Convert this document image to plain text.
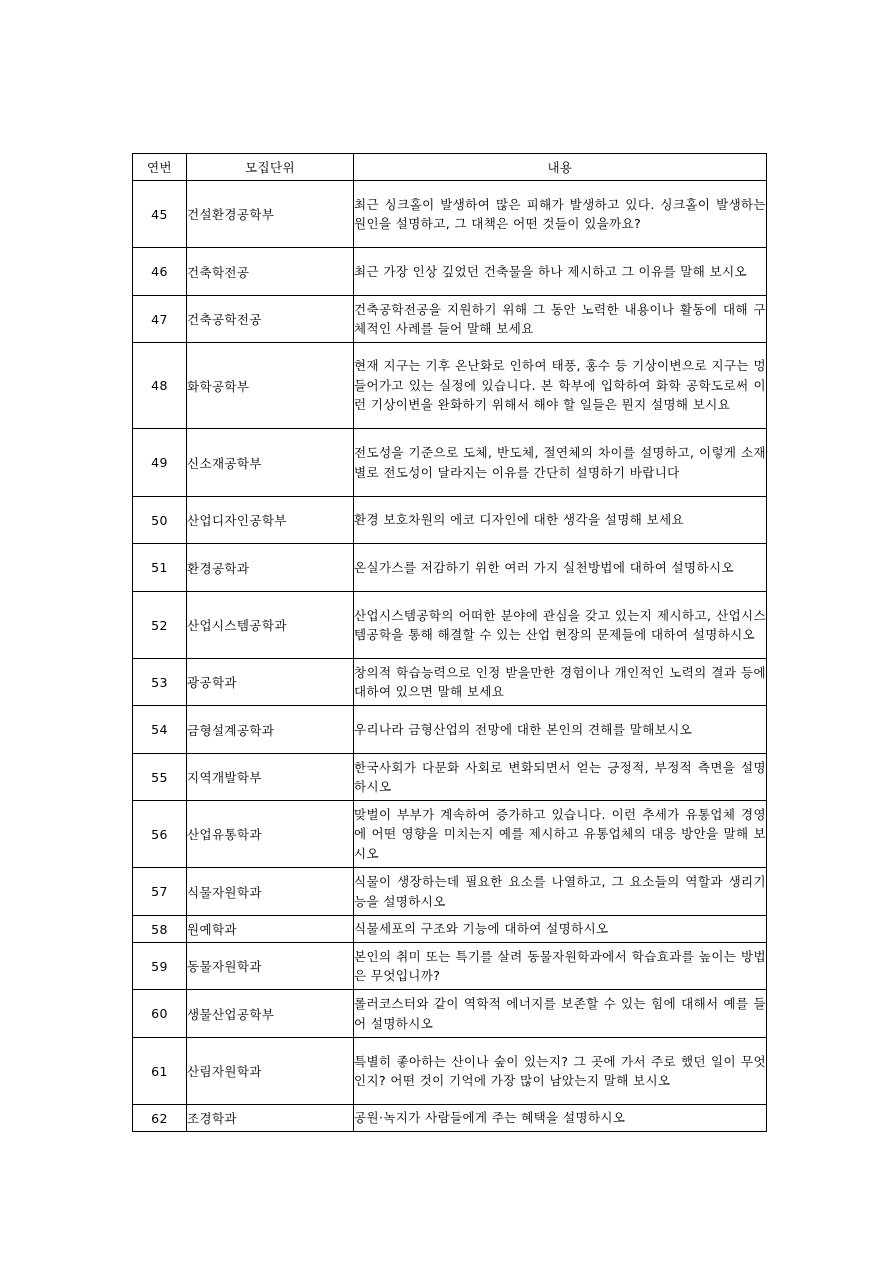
연번	모집단위	내용
45	건설환경공학부	최근 싱크홀이 발생하여 많은 피해가 발생하고 있다. 싱크홀이 발생하는 원인을 설명하고, 그 대책은 어떤 것들이 있을까요?
46	건축학전공	최근 가장 인상 깊었던 건축물을 하나 제시하고 그 이유를 말해 보시오
47	건축공학전공	건축공학전공을 지원하기 위해 그 동안 노력한 내용이나 활동에 대해 구체적인 사례를 들어 말해 보세요
48	화학공학부	현재 지구는 기후 온난화로 인하여 태풍, 홍수 등 기상이변으로 지구는 멍들어가고 있는 실정에 있습니다. 본 학부에 입학하여 화학 공학도로써 이런 기상이변을 완화하기 위해서 해야 할 일들은 뭔지 설명해 보시요
49	신소재공학부	전도성을 기준으로 도체, 반도체, 절연체의 차이를 설명하고, 이렇게 소재별로 전도성이 달라지는 이유를 간단히 설명하기 바랍니다
50	산업디자인공학부	환경 보호차원의 에코 디자인에 대한 생각을 설명해 보세요
51	환경공학과	온실가스를 저감하기 위한 여러 가지 실천방법에 대하여 설명하시오
52	산업시스템공학과	산업시스템공학의 어떠한 분야에 관심을 갖고 있는지 제시하고, 산업시스템공학을 통해 해결할 수 있는 산업 현장의 문제들에 대하여 설명하시오
53	광공학과	창의적 학습능력으로 인정 받을만한 경험이나 개인적인 노력의 결과 등에 대하여 있으면 말해 보세요
54	금형설계공학과	우리나라 금형산업의 전망에 대한 본인의 견해를 말해보시오
55	지역개발학부	한국사회가 다문화 사회로 변화되면서 얻는 긍정적, 부정적 측면을 설명하시오
56	산업유통학과	맞벌이 부부가 계속하여 증가하고 있습니다. 이런 추세가 유통업체 경영에 어떤 영향을 미치는지 예를 제시하고 유통업체의 대응 방안을 말해 보시오
57	식물자원학과	식물이 생장하는데 필요한 요소를 나열하고, 그 요소들의 역할과 생리기능을 설명하시오
58	원예학과	식물세포의 구조와 기능에 대하여 설명하시오
59	동물자원학과	본인의 취미 또는 특기를 살려 동물자원학과에서 학습효과를 높이는 방법은 무엇입니까?
60	생물산업공학부	롤러코스터와 같이 역학적 에너지를 보존할 수 있는 힘에 대해서 예를 들어 설명하시오
61	산림자원학과	특별히 좋아하는 산이나 숲이 있는지? 그 곳에 가서 주로 했던 일이 무엇인지? 어떤 것이 기억에 가장 많이 남았는지 말해 보시오
62	조경학과	공원·녹지가 사람들에게 주는 혜택을 설명하시오
